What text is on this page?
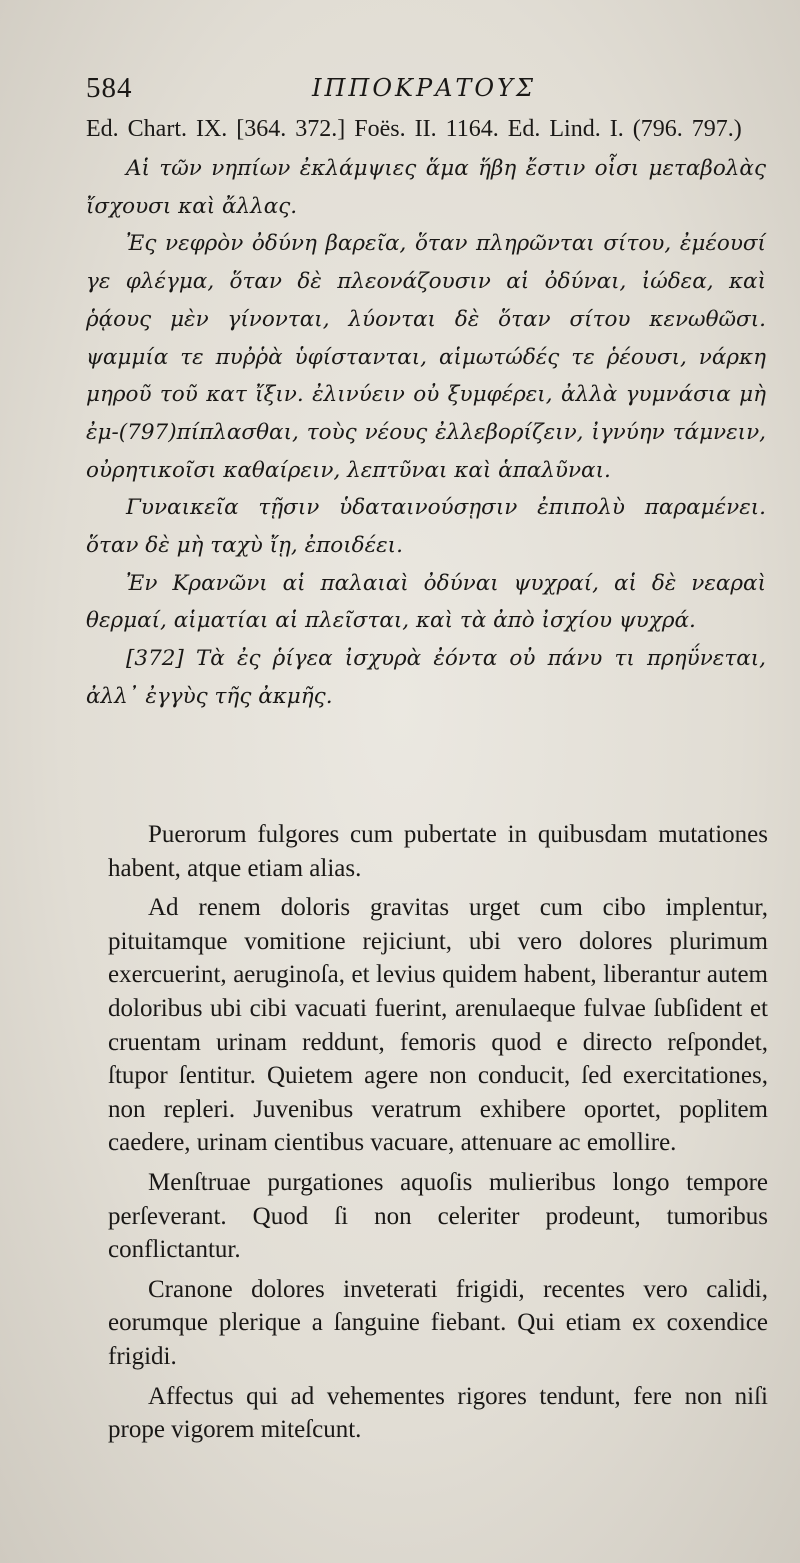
584	ΙΠΠΟΚΡΑΤΟΥΣ
Ed. Chart. IX. [364. 372.] Foës. II. 1164. Ed. Lind. I. (796. 797.)

Αἱ τῶν νηπίων ἐκλάμψιες ἅμα ἥβη ἔστιν οἷσι μεταβολὰς ἴσχουσι καὶ ἄλλας.

Ἐς νεφρὸν ὀδύνη βαρεῖα, ὅταν πληρῶνται σίτου, ἐμέουσί γε φλέγμα, ὅταν δὲ πλεονάζουσιν αἱ ὀδύναι, ἰώδεα, καὶ ῥᾴους μὲν γίνονται, λύονται δὲ ὅταν σίτου κενωθῶσι. ψαμμία τε πυῤῥὰ ὑφίστανται, αἱμωτώδές τε ῥέουσι, νάρκη μηροῦ τοῦ κατ ἴξιν. ἐλινύειν οὐ ξυμφέρει, ἀλλὰ γυμνάσια μὴ ἐμ-(797)πίπλασθαι, τοὺς νέους ἐλλεβορίζειν, ἰγνύην τάμνειν, οὐρητικοῖσι καθαίρειν, λεπτῦναι καὶ ἁπαλῦναι.

Γυναικεῖα τῇσιν ὑδαταινούσῃσιν ἐπιπολὺ παραμένει. ὅταν δὲ μὴ ταχὺ ἴῃ, ἐποιδέει.

Ἐν Κρανῶνι αἱ παλαιαὶ ὀδύναι ψυχραί, αἱ δὲ νεαραὶ θερμαί, αἱματίαι αἱ πλεῖσται, καὶ τὰ ἀπὸ ἰσχίου ψυχρά.

[372] Τὰ ἐς ῥίγεα ἰσχυρὰ ἐόντα οὐ πάνυ τι πρηΰνεται, ἀλλ᾽ ἐγγὺς τῆς ἀκμῆς.

Puerorum fulgores cum pubertate in quibusdam mutationes habent, atque etiam alias.

Ad renem doloris gravitas urget cum cibo implentur, pituitamque vomitione rejiciunt, ubi vero dolores plurimum exercuerint, aeruginoſa, et levius quidem habent, liberantur autem doloribus ubi cibi vacuati fuerint, arenulaeque fulvae ſubſident et cruentam urinam reddunt, femoris quod e directo reſpondet, ſtupor ſentitur. Quietem agere non conducit, ſed exercitationes, non repleri. Juvenibus veratrum exhibere oportet, poplitem caedere, urinam cientibus vacuare, attenuare ac emollire.

Menſtruae purgationes aquoſis mulieribus longo tempore perſeverant. Quod ſi non celeriter prodeunt, tumoribus conflictantur.

Cranone dolores inveterati frigidi, recentes vero calidi, eorumque plerique a ſanguine fiebant. Qui etiam ex coxendice frigidi.

Affectus qui ad vehementes rigores tendunt, fere non niſi prope vigorem miteſcunt.
